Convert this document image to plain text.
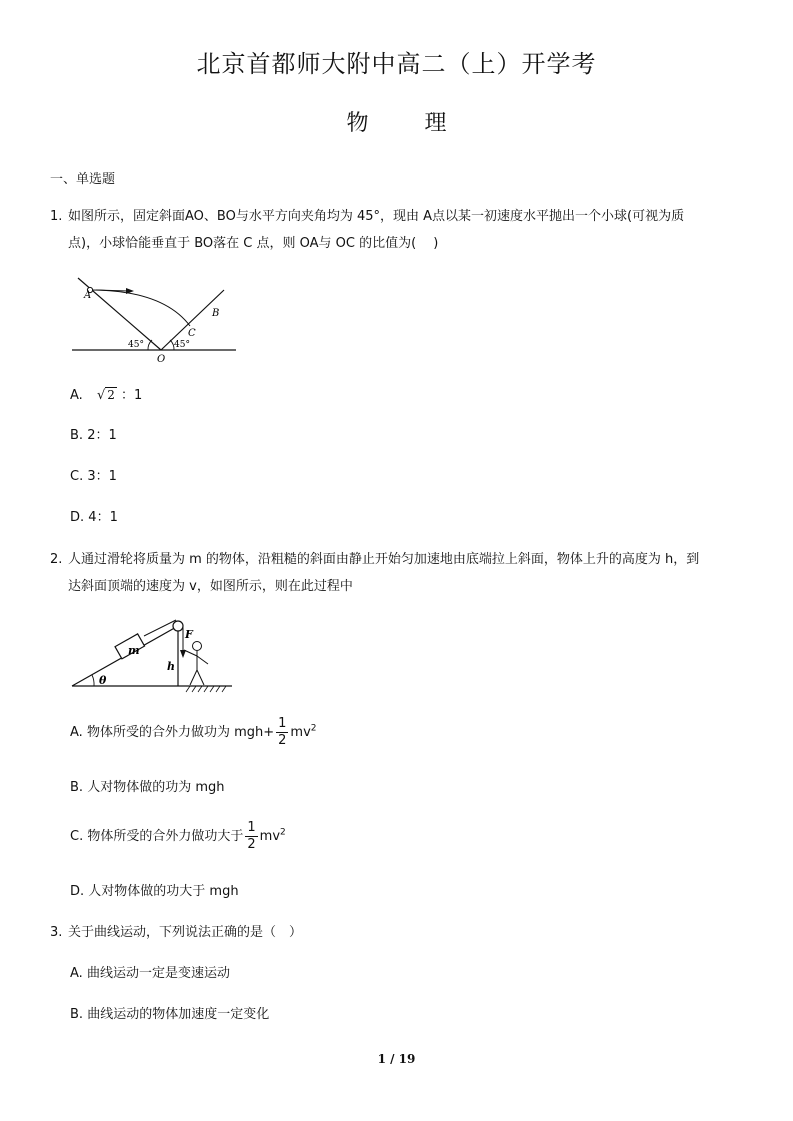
北京首都师大附中高二（上）开学考
物	理
一、单选题
1. 如图所示，固定斜面AO、BO与水平方向夹角均为 45°，现由 A点以某一初速度水平抛出一个小球(可视为质
点)，小球恰能垂直于 BO落在 C 点，则 OA与 OC 的比值为(　 )
A
B
C
O
45°	45°
A. √ 2 ：1
B. 2：1
C. 3：1
D. 4：1
2. 人通过滑轮将质量为 m 的物体，沿粗糙的斜面由静止开始匀加速地由底端拉上斜面，物体上升的高度为 h，到
达斜面顶端的速度为 v，如图所示，则在此过程中
m
F
h
θ
A. 物体所受的合外力做功为 $mgh+ \frac{1}{2} mv^2$
B. 人对物体做的功为 mgh
C. 物体所受的合外力做功大于 $\frac{1}{2} mv^2$
D. 人对物体做的功大于 mgh
3. 关于曲线运动，下列说法正确的是（　）
A. 曲线运动一定是变速运动
B. 曲线运动的物体加速度一定变化
1 / 19
